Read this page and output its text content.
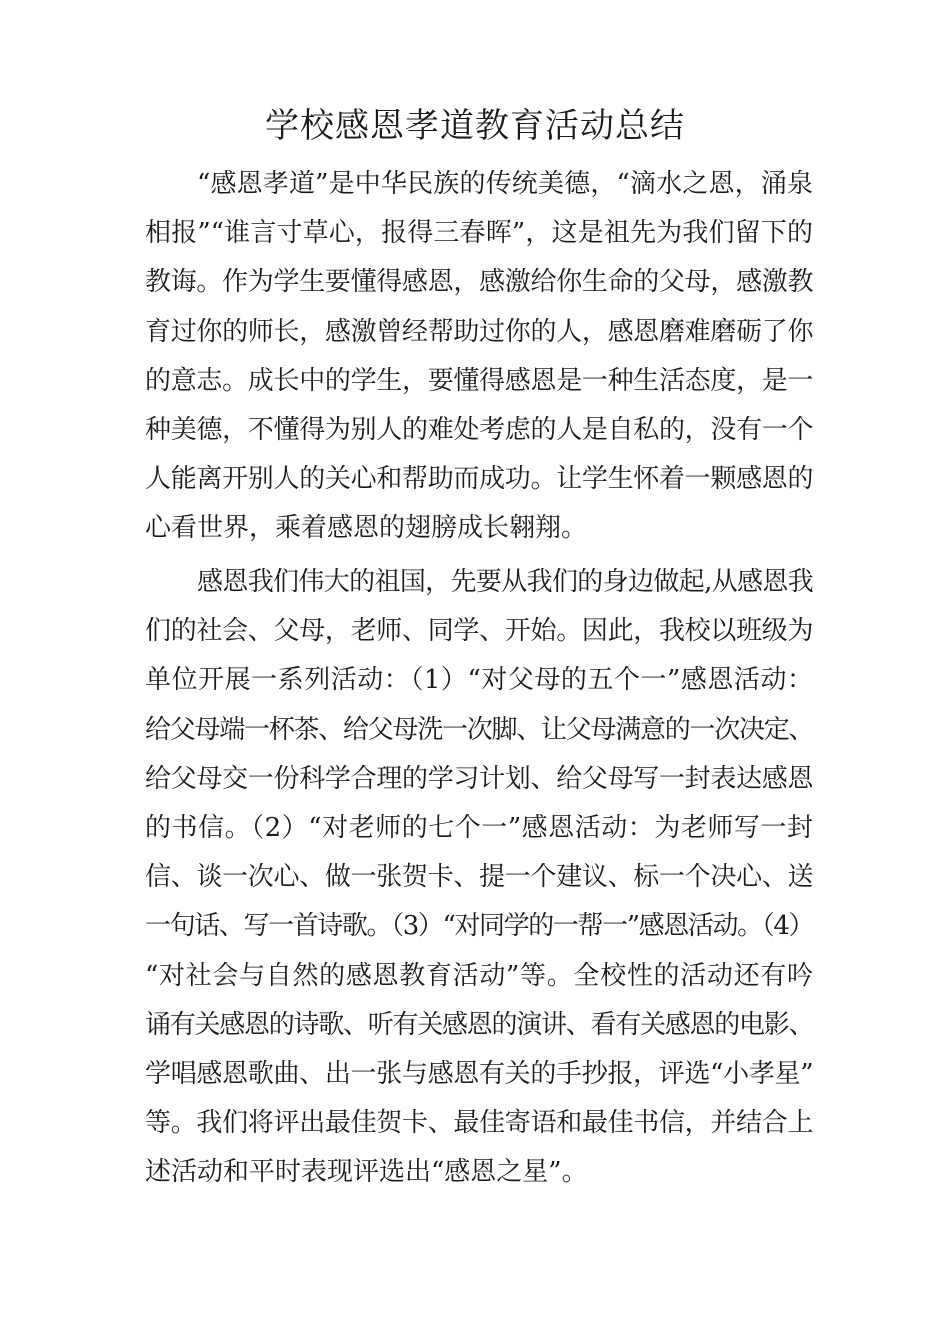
学校感恩孝道教育活动总结
“感恩孝道”是中华民族的传统美德，“滴水之恩，涌泉
相报”“谁言寸草心，报得三春晖”，这是祖先为我们留下的
教诲。作为学生要懂得感恩，感激给你生命的父母，感激教
育过你的师长，感激曾经帮助过你的人，感恩磨难磨砺了你
的意志。成长中的学生，要懂得感恩是一种生活态度，是一
种美德，不懂得为别人的难处考虑的人是自私的，没有一个
人能离开别人的关心和帮助而成功。让学生怀着一颗感恩的
心看世界，乘着感恩的翅膀成长翱翔。
感恩我们伟大的祖国，先要从我们的身边做起,从感恩我
们的社会、父母，老师、同学、开始。因此，我校以班级为
单位开展一系列活动：（1）“对父母的五个一”感恩活动：
给父母端一杯茶、给父母洗一次脚、让父母满意的一次决定、
给父母交一份科学合理的学习计划、给父母写一封表达感恩
的书信。（2）“对老师的七个一”感恩活动：为老师写一封
信、谈一次心、做一张贺卡、提一个建议、标一个决心、送
一句话、写一首诗歌。（3）“对同学的一帮一”感恩活动。（4）
“对社会与自然的感恩教育活动”等。全校性的活动还有吟
诵有关感恩的诗歌、听有关感恩的演讲、看有关感恩的电影、
学唱感恩歌曲、出一张与感恩有关的手抄报，评选“小孝星”
等。我们将评出最佳贺卡、最佳寄语和最佳书信，并结合上
述活动和平时表现评选出“感恩之星”。
